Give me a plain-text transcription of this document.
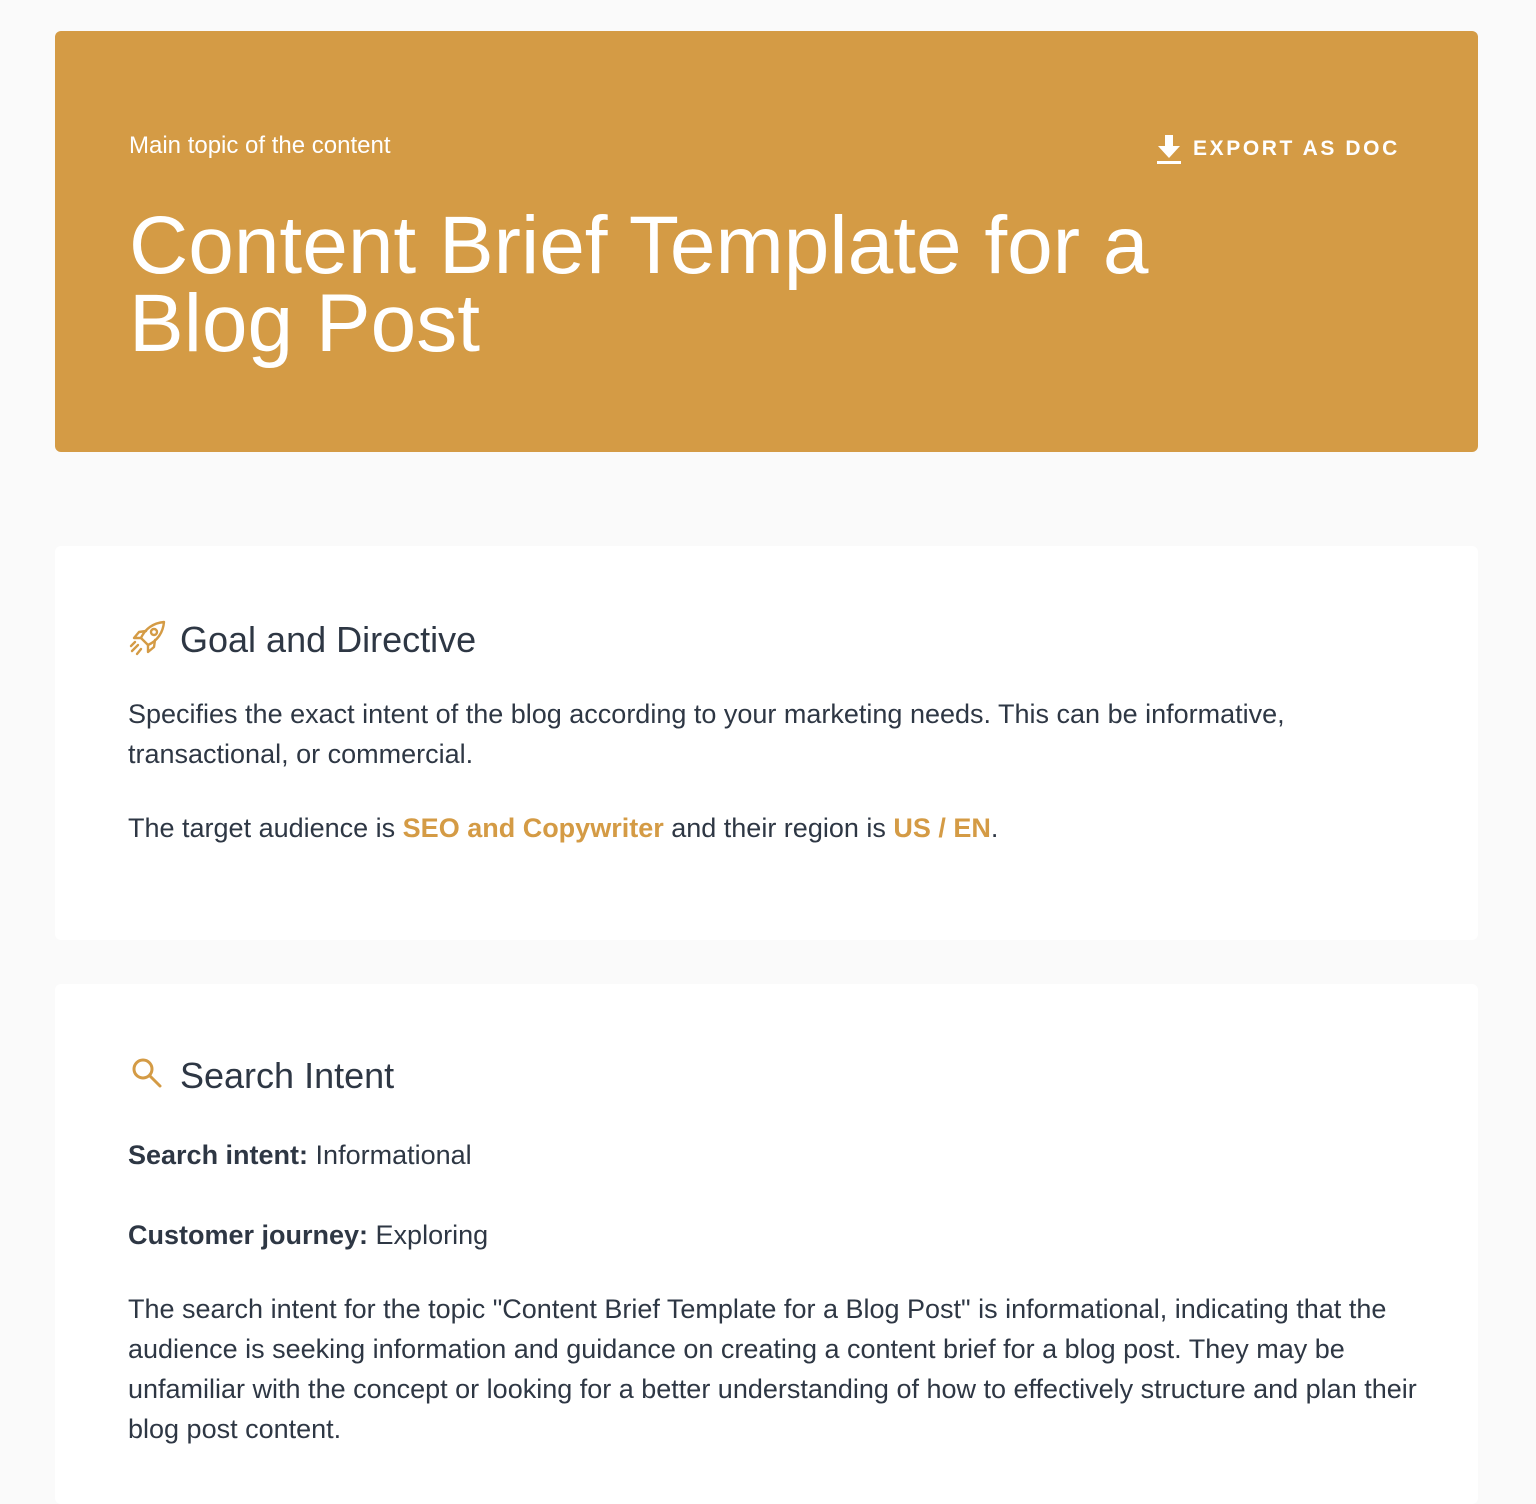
Main topic of the content	EXPORT AS DOC
Content Brief Template for a Blog Post
Goal and Directive

Specifies the exact intent of the blog according to your marketing needs. This can be informative, transactional, or commercial.

The target audience is SEO and Copywriter and their region is US / EN.

Search Intent

Search intent: Informational

Customer journey: Exploring

The search intent for the topic "Content Brief Template for a Blog Post" is informational, indicating that the audience is seeking information and guidance on creating a content brief for a blog post. They may be unfamiliar with the concept or looking for a better understanding of how to effectively structure and plan their blog post content.
